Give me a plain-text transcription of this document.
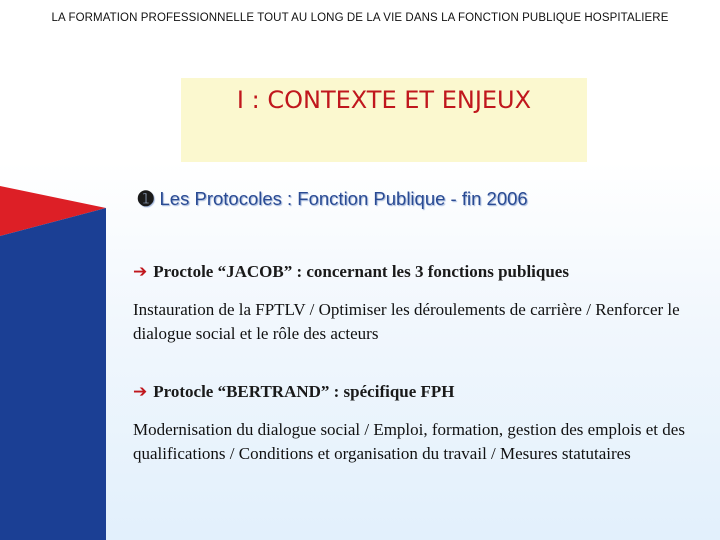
LA FORMATION PROFESSIONNELLE TOUT AU LONG DE LA VIE DANS LA FONCTION PUBLIQUE HOSPITALIERE
I : CONTEXTE ET ENJEUX
➊ Les Protocoles : Fonction Publique - fin 2006
➔ Proctole “JACOB” : concernant les 3 fonctions publiques
Instauration de la FPTLV / Optimiser les déroulements de carrière / Renforcer le dialogue social et le rôle des acteurs
➔ Protocle “BERTRAND” : spécifique FPH
Modernisation du dialogue social / Emploi, formation, gestion des emplois et des qualifications / Conditions et organisation du travail / Mesures statutaires
